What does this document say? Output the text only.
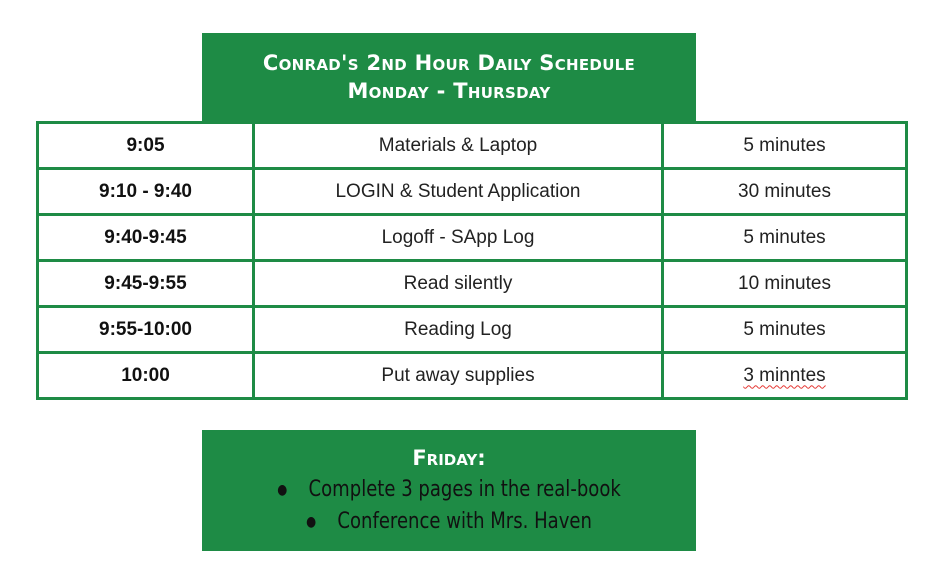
Conrad's 2nd Hour Daily Schedule
Monday - Thursday
9:05	Materials & Laptop	5 minutes
9:10 - 9:40	LOGIN & Student Application	30 minutes
9:40-9:45	Logoff - SApp Log	5 minutes
9:45-9:55	Read silently	10 minutes
9:55-10:00	Reading Log	5 minutes
10:00	Put away supplies	3 minntes
Friday:
● Complete 3 pages in the real-book
● Conference with Mrs. Haven
